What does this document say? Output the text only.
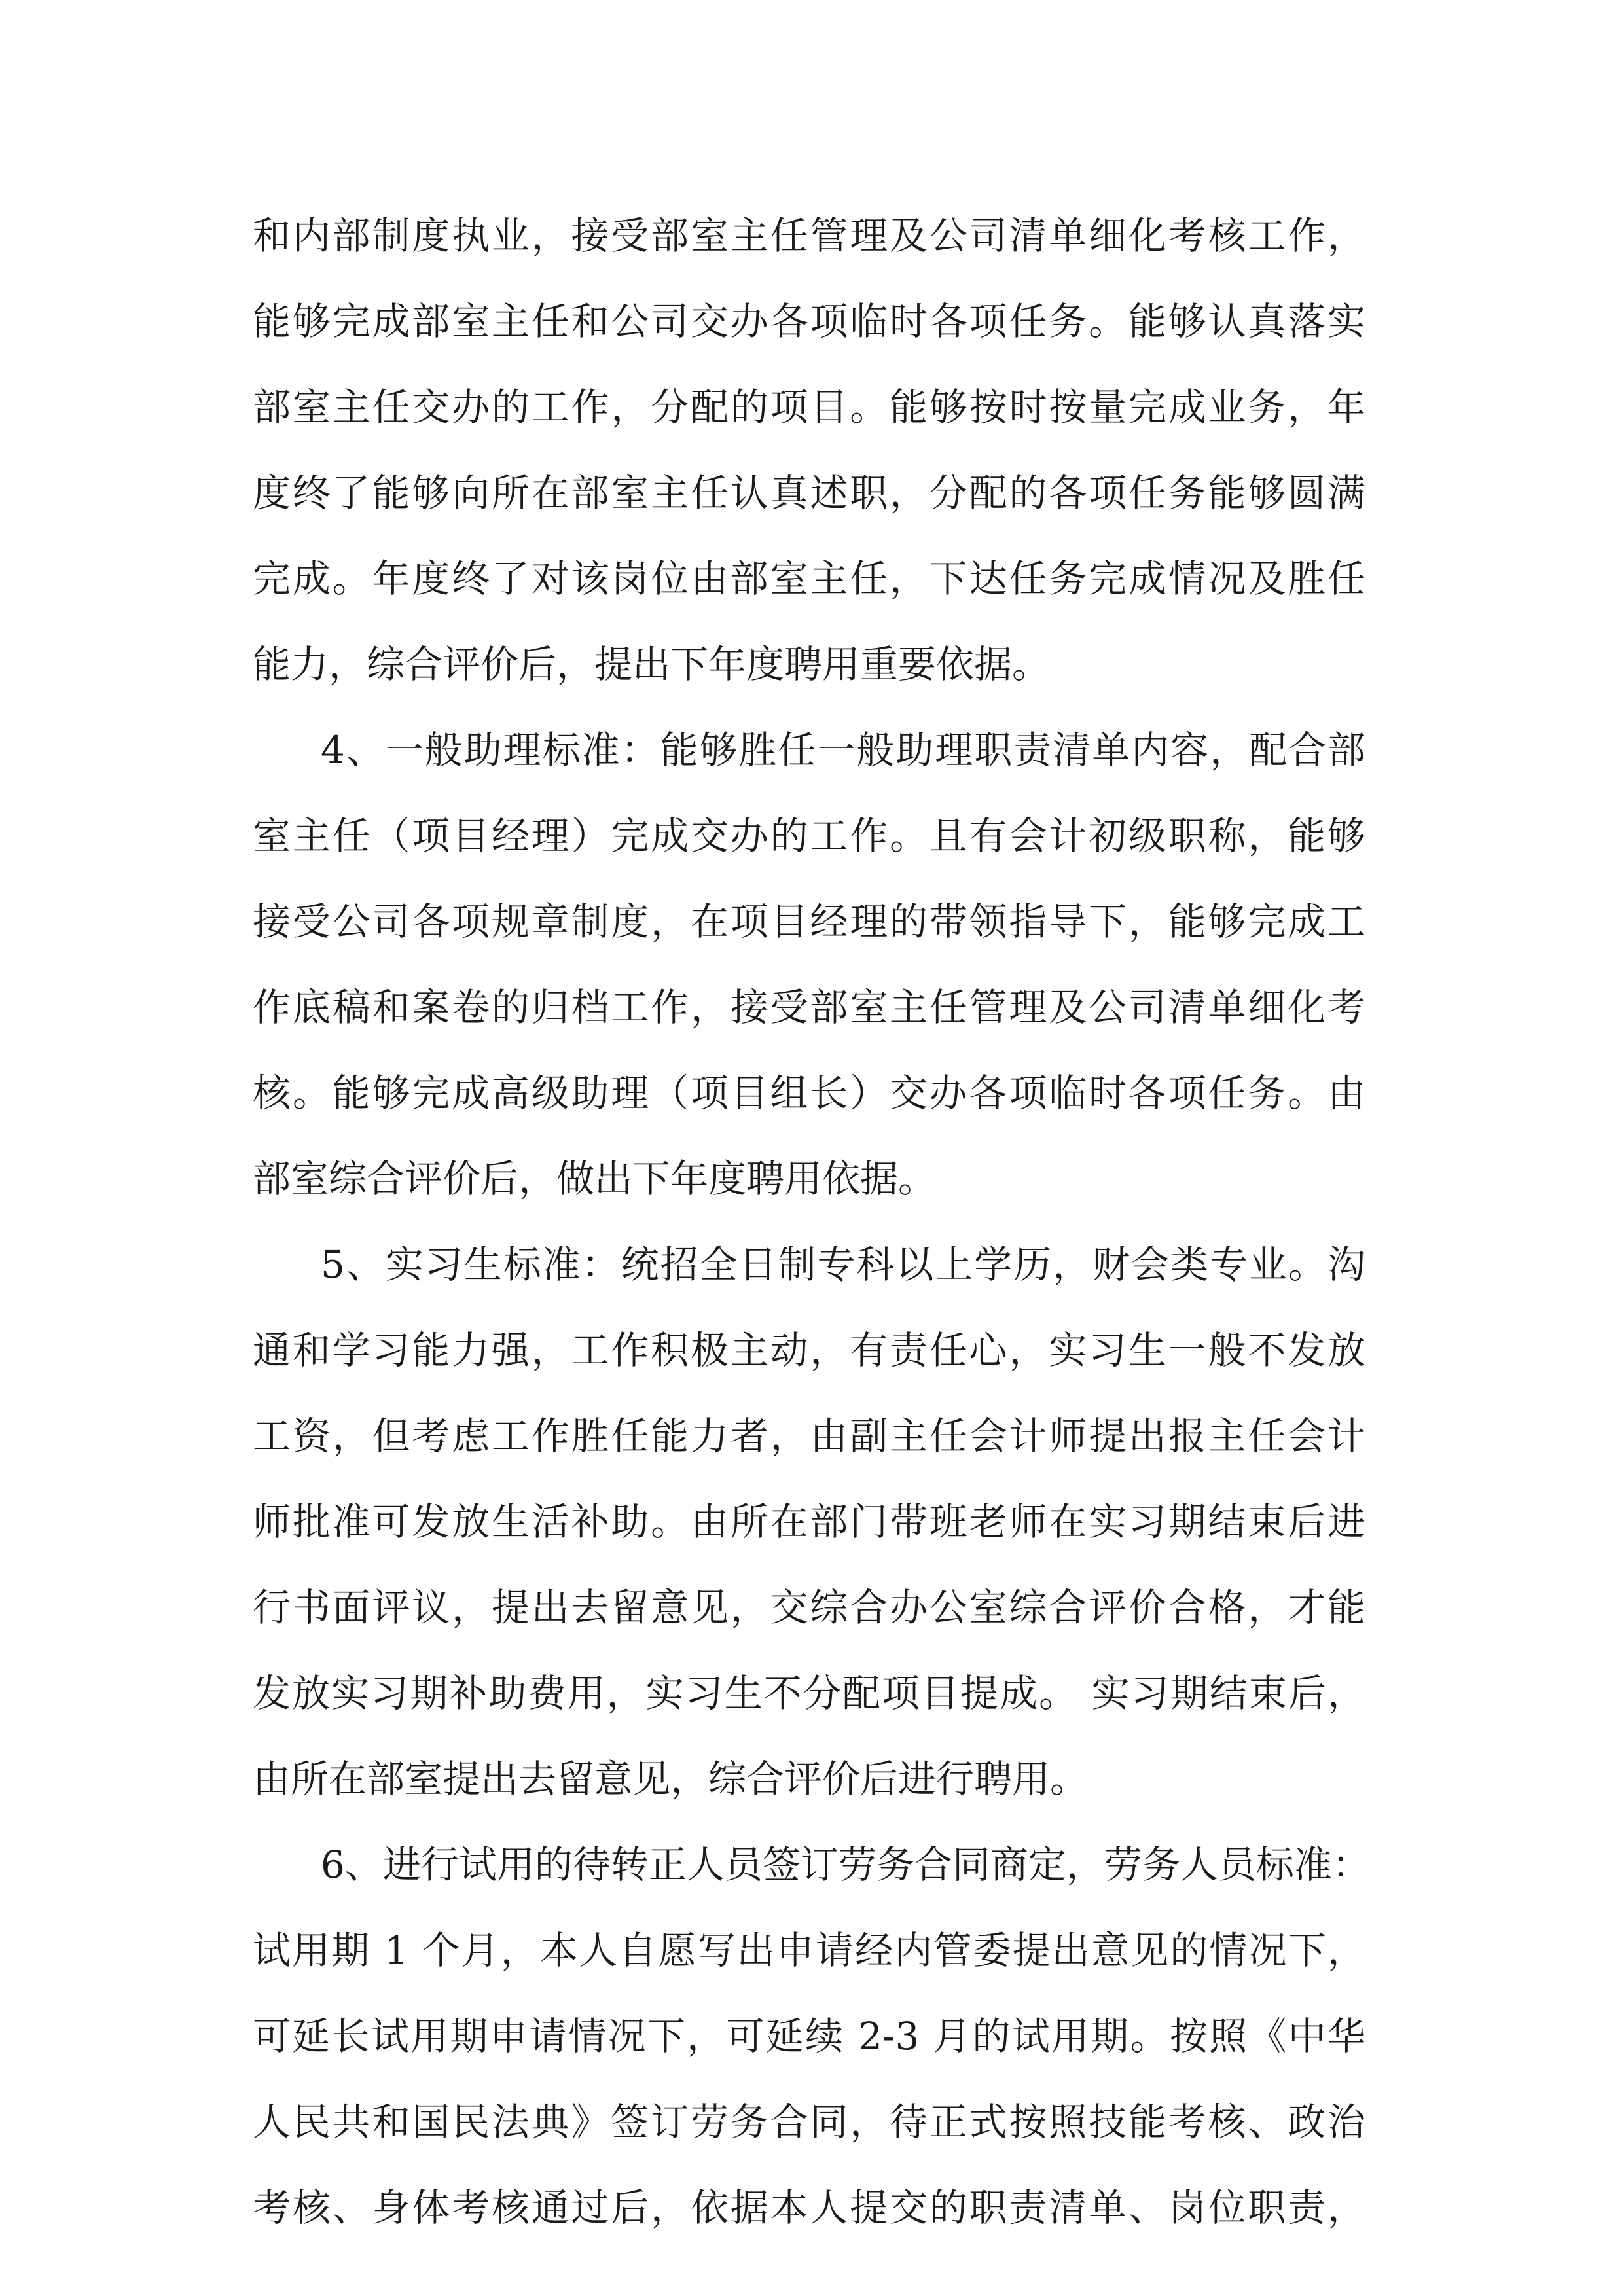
和内部制度执业，接受部室主任管理及公司清单细化考核工作，
能够完成部室主任和公司交办各项临时各项任务。能够认真落实
部室主任交办的工作，分配的项目。能够按时按量完成业务，年
度终了能够向所在部室主任认真述职，分配的各项任务能够圆满
完成。年度终了对该岗位由部室主任，下达任务完成情况及胜任
能力，综合评价后，提出下年度聘用重要依据。
4、一般助理标准：能够胜任一般助理职责清单内容，配合部
室主任（项目经理）完成交办的工作。且有会计初级职称，能够
接受公司各项规章制度，在项目经理的带领指导下，能够完成工
作底稿和案卷的归档工作，接受部室主任管理及公司清单细化考
核。能够完成高级助理（项目组长）交办各项临时各项任务。由
部室综合评价后，做出下年度聘用依据。
5、实习生标准：统招全日制专科以上学历，财会类专业。沟
通和学习能力强，工作积极主动，有责任心，实习生一般不发放
工资，但考虑工作胜任能力者，由副主任会计师提出报主任会计
师批准可发放生活补助。由所在部门带班老师在实习期结束后进
行书面评议，提出去留意见，交综合办公室综合评价合格，才能
发放实习期补助费用，实习生不分配项目提成。 实习期结束后，
由所在部室提出去留意见，综合评价后进行聘用。
6、进行试用的待转正人员签订劳务合同商定，劳务人员标准：
试用期 1 个月，本人自愿写出申请经内管委提出意见的情况下，
可延长试用期申请情况下，可延续 2-3 月的试用期。按照《中华
人民共和国民法典》签订劳务合同，待正式按照技能考核、政治
考核、身体考核通过后，依据本人提交的职责清单、岗位职责，
